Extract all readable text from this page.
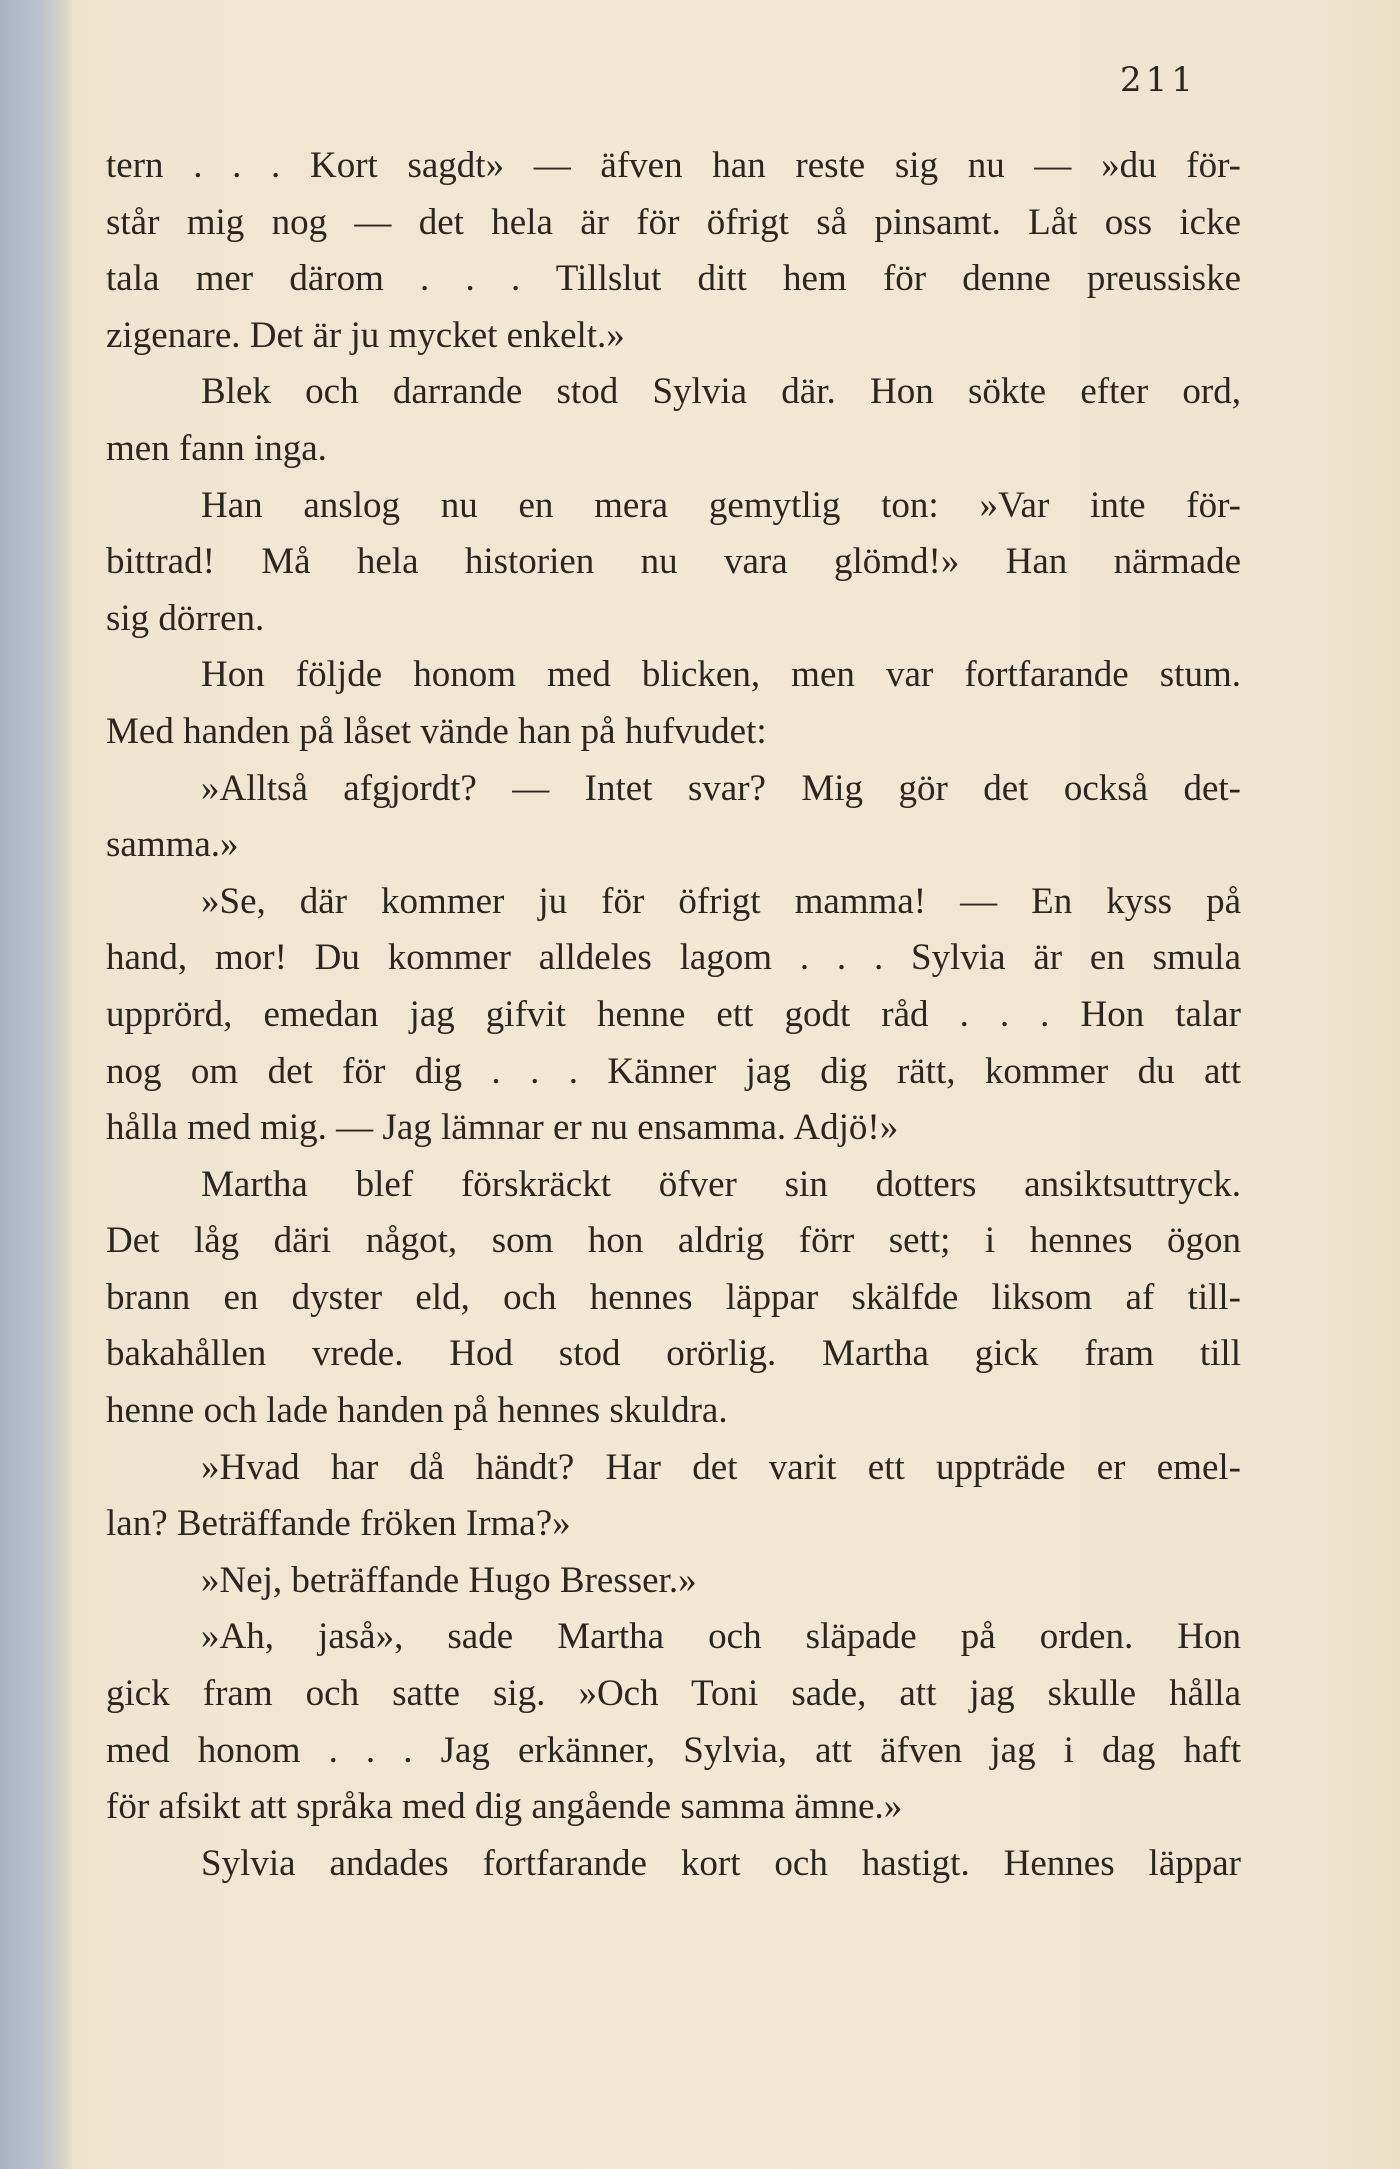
211
tern . . . Kort sagdt» — äfven han reste sig nu — »du för-
står mig nog — det hela är för öfrigt så pinsamt. Låt oss icke
tala mer därom . . . Tillslut ditt hem för denne preussiske
zigenare. Det är ju mycket enkelt.»
Blek och darrande stod Sylvia där. Hon sökte efter ord,
men fann inga.
Han anslog nu en mera gemytlig ton: »Var inte för-
bittrad! Må hela historien nu vara glömd!» Han närmade
sig dörren.
Hon följde honom med blicken, men var fortfarande stum.
Med handen på låset vände han på hufvudet:
»Alltså afgjordt? — Intet svar? Mig gör det också det-
samma.»
»Se, där kommer ju för öfrigt mamma! — En kyss på
hand, mor! Du kommer alldeles lagom . . . Sylvia är en smula
upprörd, emedan jag gifvit henne ett godt råd . . . Hon talar
nog om det för dig . . . Känner jag dig rätt, kommer du att
hålla med mig. — Jag lämnar er nu ensamma. Adjö!»
Martha blef förskräckt öfver sin dotters ansiktsuttryck.
Det låg däri något, som hon aldrig förr sett; i hennes ögon
brann en dyster eld, och hennes läppar skälfde liksom af till-
bakahållen vrede. Hod stod orörlig. Martha gick fram till
henne och lade handen på hennes skuldra.
»Hvad har då händt? Har det varit ett uppträde er emel-
lan? Beträffande fröken Irma?»
»Nej, beträffande Hugo Bresser.»
»Ah, jaså», sade Martha och släpade på orden. Hon
gick fram och satte sig. »Och Toni sade, att jag skulle hålla
med honom . . . Jag erkänner, Sylvia, att äfven jag i dag haft
för afsikt att språka med dig angående samma ämne.»
Sylvia andades fortfarande kort och hastigt. Hennes läppar
